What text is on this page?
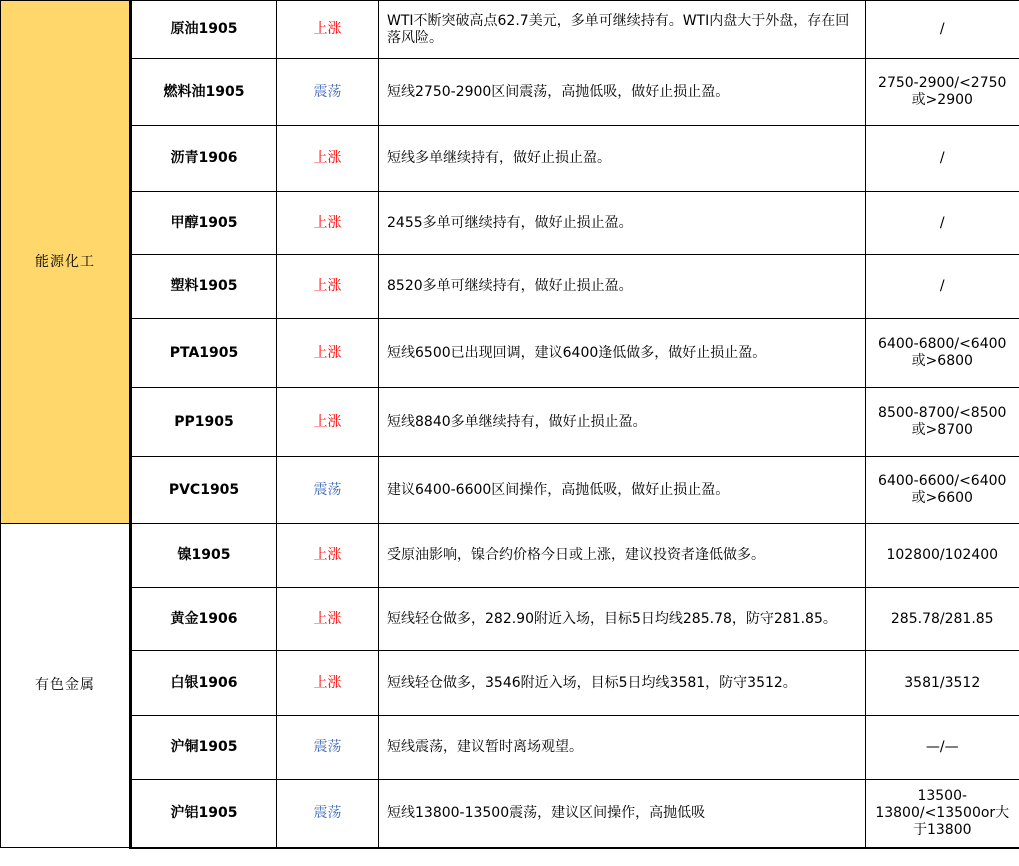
能源化工	原油1905	上涨	WTI不断突破高点62.7美元，多单可继续持有。WTI内盘大于外盘，存在回落风险。	/
	燃料油1905	震荡	短线2750-2900区间震荡，高抛低吸，做好止损止盈。	2750-2900/<2750或>2900
	沥青1906	上涨	短线多单继续持有，做好止损止盈。	/
	甲醇1905	上涨	2455多单可继续持有，做好止损止盈。	/
	塑料1905	上涨	8520多单可继续持有，做好止损止盈。	/
	PTA1905	上涨	短线6500已出现回调，建议6400逢低做多，做好止损止盈。	6400-6800/<6400或>6800
	PP1905	上涨	短线8840多单继续持有，做好止损止盈。	8500-8700/<8500或>8700
	PVC1905	震荡	建议6400-6600区间操作，高抛低吸，做好止损止盈。	6400-6600/<6400或>6600
有色金属	镍1905	上涨	受原油影响，镍合约价格今日或上涨，建议投资者逢低做多。	102800/102400
	黄金1906	上涨	短线轻仓做多，282.90附近入场，目标5日均线285.78，防守281.85。	285.78/281.85
	白银1906	上涨	短线轻仓做多，3546附近入场，目标5日均线3581，防守3512。	3581/3512
	沪铜1905	震荡	短线震荡，建议暂时离场观望。	—/—
	沪铝1905	震荡	短线13800-13500震荡，建议区间操作，高抛低吸	13500-13800/<13500or大于13800
